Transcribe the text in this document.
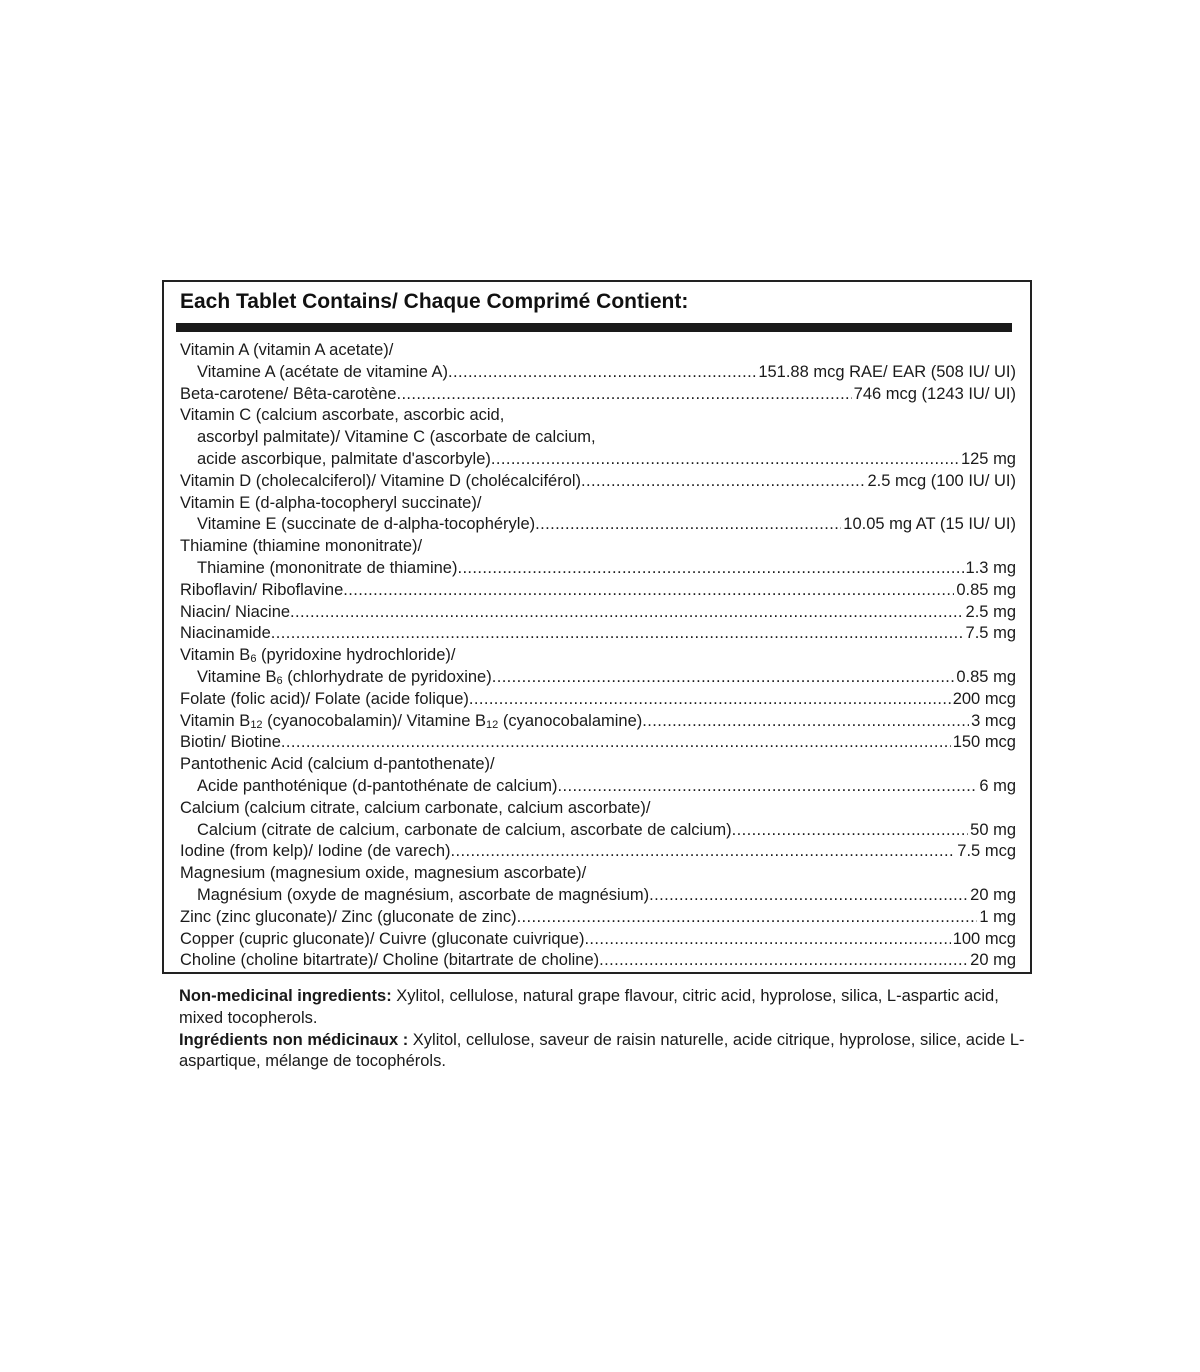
Each Tablet Contains/ Chaque Comprimé Contient:
Vitamin A (vitamin A acetate)/
Vitamine A (acétate de vitamine A) .....	151.88 mcg RAE/ EAR (508 IU/ UI)
Beta-carotene/ Bêta-carotène .....	746 mcg (1243 IU/ UI)
Vitamin C (calcium ascorbate, ascorbic acid,
ascorbyl palmitate)/ Vitamine C (ascorbate de calcium,
acide ascorbique, palmitate d'ascorbyle) .....	125 mg
Vitamin D (cholecalciferol)/ Vitamine D (cholécalciférol) .....	2.5 mcg (100 IU/ UI)
Vitamin E (d-alpha-tocopheryl succinate)/
Vitamine E (succinate de d-alpha-tocophéryle) .....	10.05 mg AT (15 IU/ UI)
Thiamine (thiamine mononitrate)/
Thiamine (mononitrate de thiamine) .....	1.3 mg
Riboflavin/ Riboflavine .....	0.85 mg
Niacin/ Niacine .....	2.5 mg
Niacinamide .....	7.5 mg
Vitamin $B_6$ (pyridoxine hydrochloride)/
Vitamine $B_6$ (chlorhydrate de pyridoxine) .....	0.85 mg
Folate (folic acid)/ Folate (acide folique) .....	200 mcg
Vitamin $B_{12}$ (cyanocobalamin)/ Vitamine $B_{12}$ (cyanocobalamine) .....	3 mcg
Biotin/ Biotine .....	150 mcg
Pantothenic Acid (calcium d-pantothenate)/
Acide panthoténique (d-pantothénate de calcium) .....	6 mg
Calcium (calcium citrate, calcium carbonate, calcium ascorbate)/
Calcium (citrate de calcium, carbonate de calcium, ascorbate de calcium) .....	50 mg
Iodine (from kelp)/ Iodine (de varech) .....	7.5 mcg
Magnesium (magnesium oxide, magnesium ascorbate)/
Magnésium (oxyde de magnésium, ascorbate de magnésium) .....	20 mg
Zinc (zinc gluconate)/ Zinc (gluconate de zinc) .....	1 mg
Copper (cupric gluconate)/ Cuivre (gluconate cuivrique) .....	100 mcg
Choline (choline bitartrate)/ Choline (bitartrate de choline) .....	20 mg

Non-medicinal ingredients: Xylitol, cellulose, natural grape flavour, citric acid, hyprolose, silica, L-aspartic acid, mixed tocopherols.

Ingrédients non médicinaux : Xylitol, cellulose, saveur de raisin naturelle, acide citrique, hyprolose, silice, acide L-aspartique, mélange de tocophérols.
